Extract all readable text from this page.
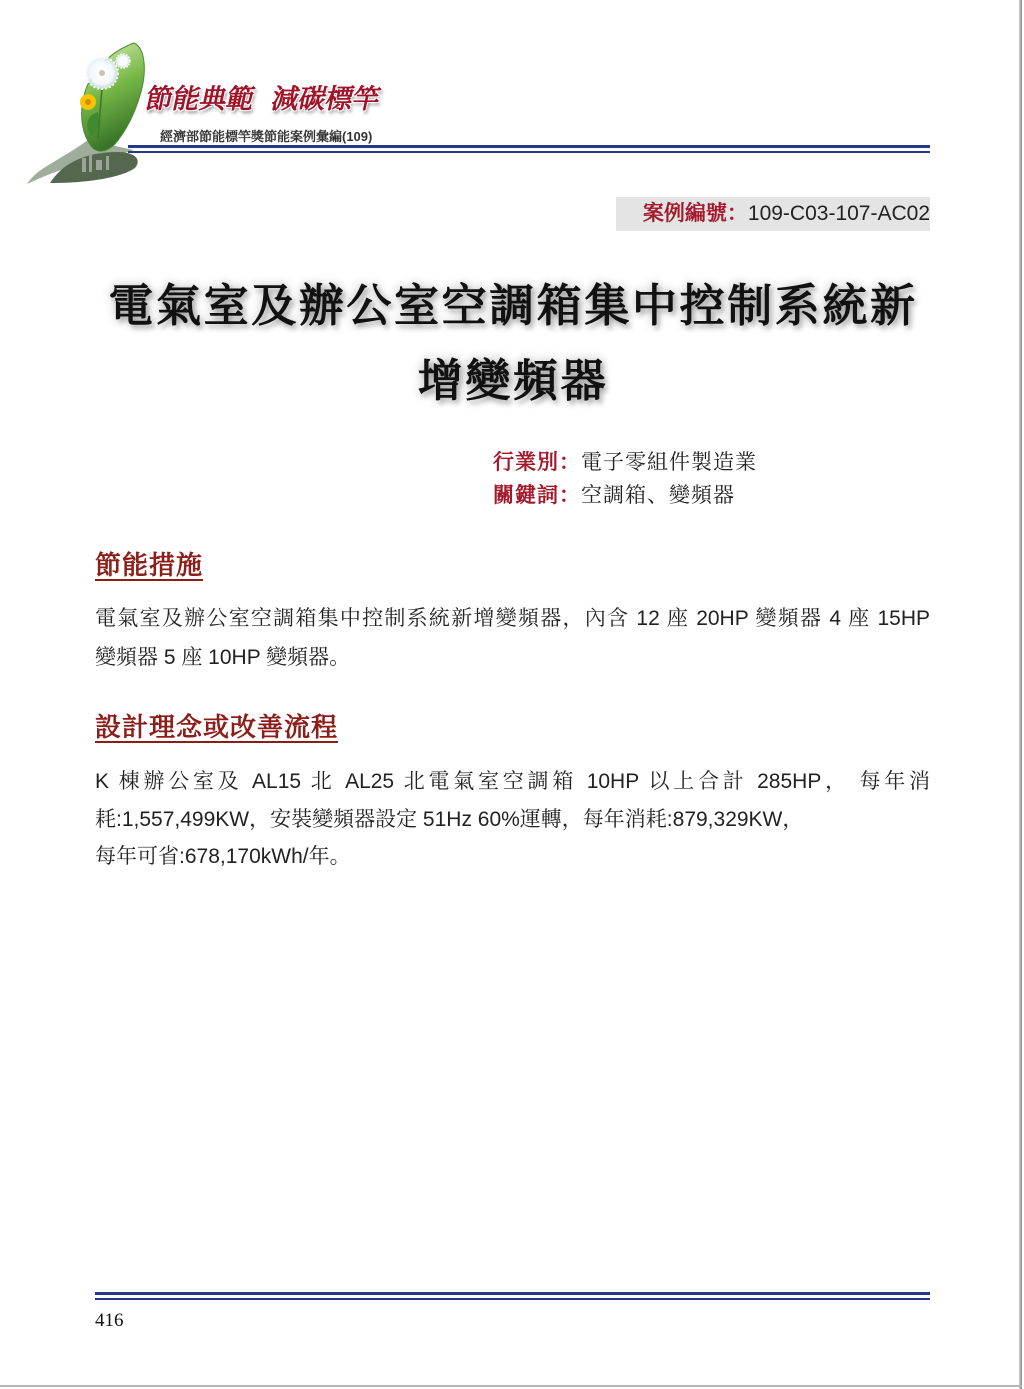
節能典範 減碳標竿
經濟部節能標竿獎節能案例彙編(109)
案例編號：109-C03-107-AC02
電氣室及辦公室空調箱集中控制系統新
增變頻器
行業別：電子零組件製造業
關鍵詞：空調箱、變頻器
節能措施
電氣室及辦公室空調箱集中控制系統新增變頻器，內含 12 座 20HP 變頻器 4 座 15HP
變頻器 5 座 10HP 變頻器。
設計理念或改善流程
K 棟辦公室及 AL15 北 AL25 北電氣室空調箱 10HP 以上合計 285HP， 每年消
耗:1,557,499KW，安裝變頻器設定 51Hz 60%運轉，每年消耗:879,329KW，
每年可省:678,170kWh/年。
416
